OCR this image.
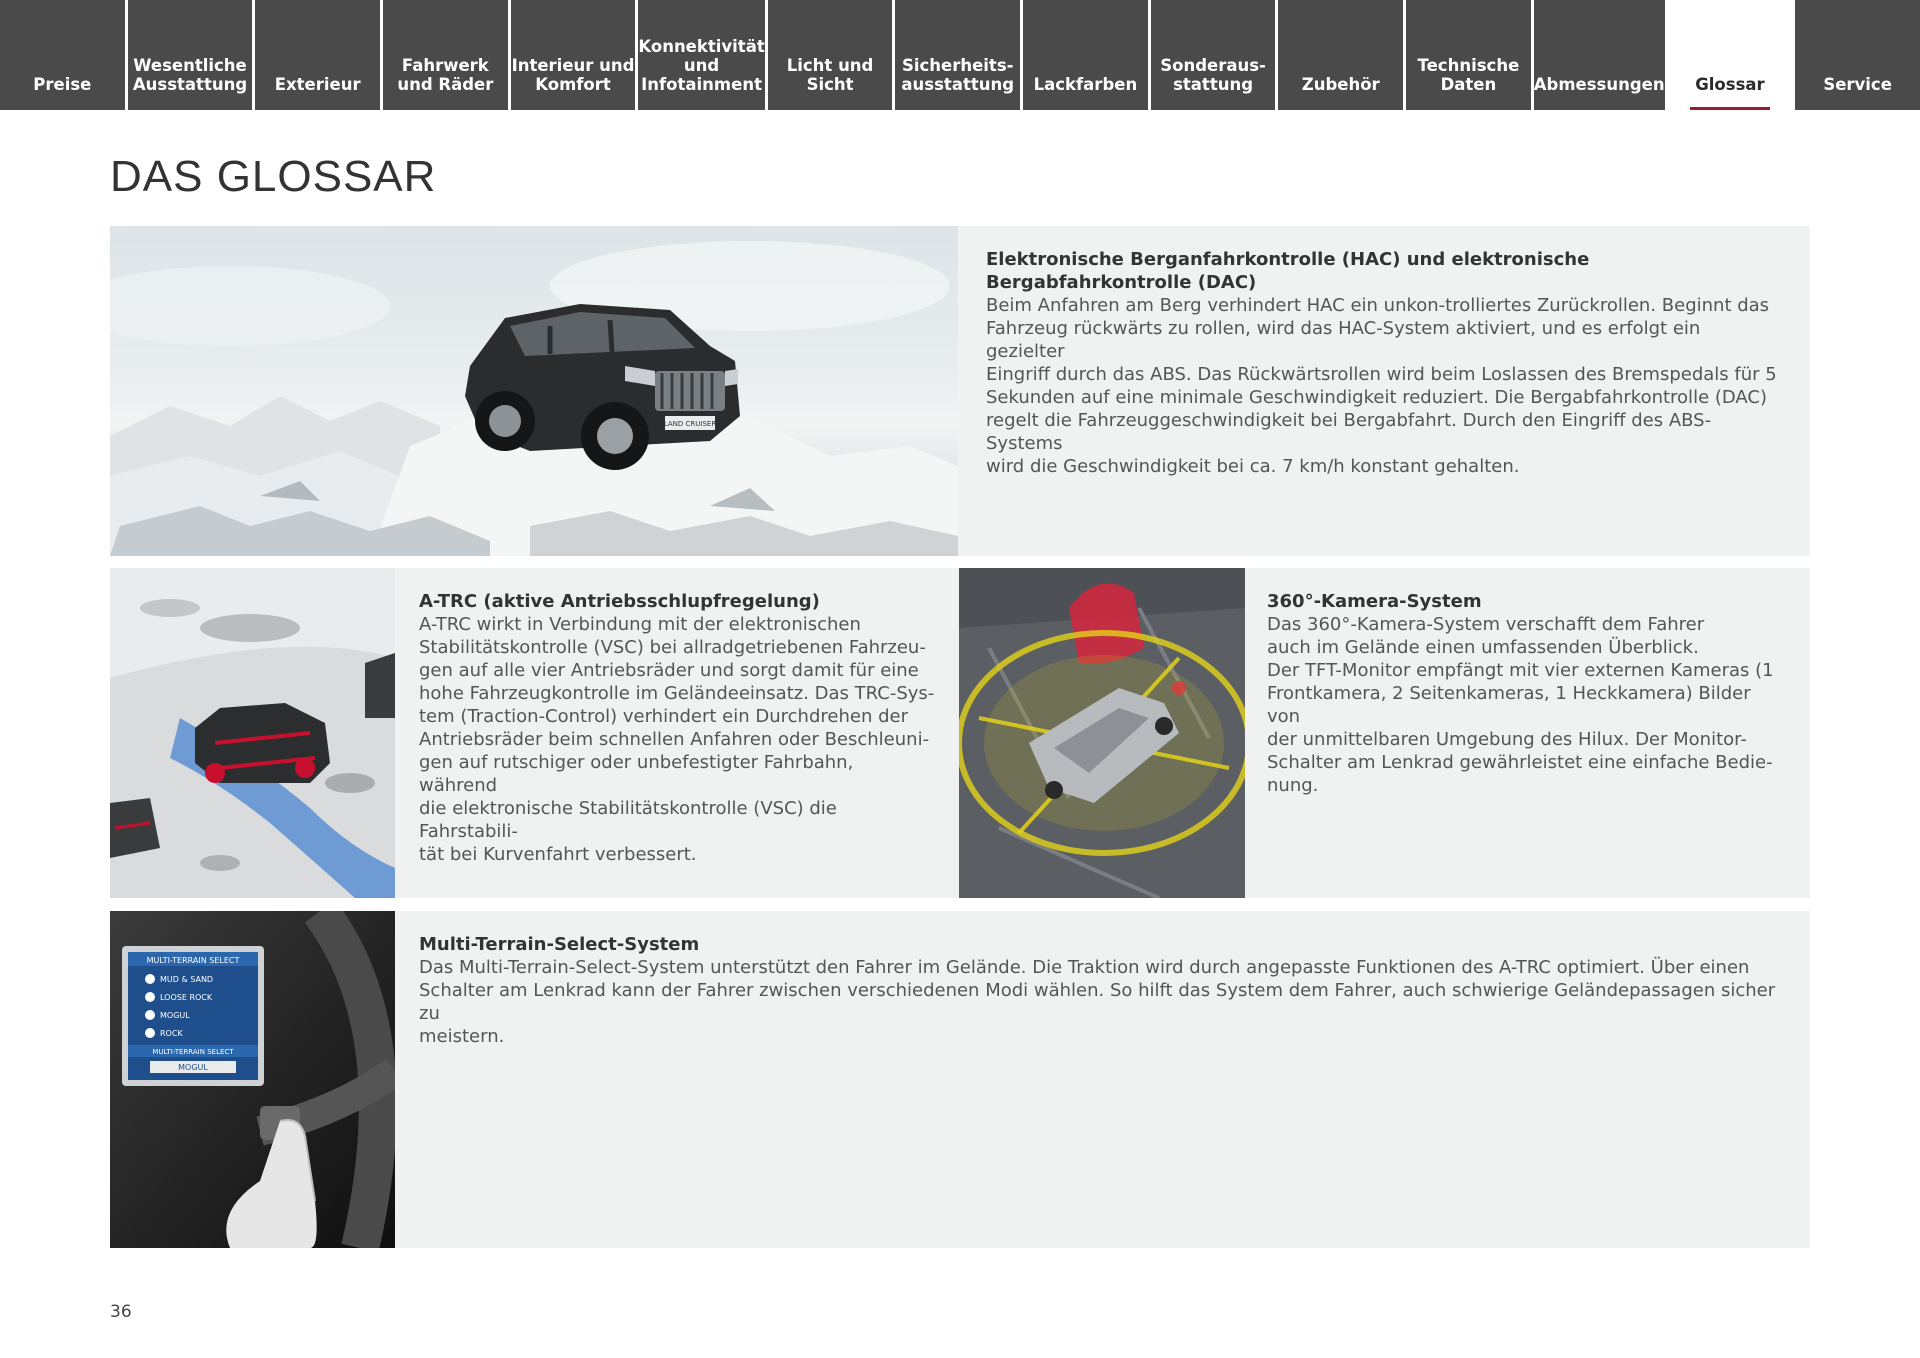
Preise
Wesentliche
Ausstattung	Exterieur
Fahrwerk
und Räder
Interieur und
Komfort
Konnektivität
und
Infotainment
Licht und Sicht
Sicherheits-
ausstattung	Lackfarben
Sonderaus-
stattung	Zubehör
Technische
Daten	Abmessungen	Glossar	Service
DAS GLOSSAR
LAND CRUISER
Elektronische Berganfahrkontrolle (HAC) und elektronische Bergabfahrkontrolle (DAC)

Beim Anfahren am Berg verhindert HAC ein unkon-trolliertes Zurückrollen. Beginnt das
Fahrzeug rückwärts zu rollen, wird das HAC-System aktiviert, und es erfolgt ein gezielter
Eingriff durch das ABS. Das Rückwärtsrollen wird beim Loslassen des Bremspedals für 5
Sekunden auf eine minimale Geschwindigkeit reduziert. Die Bergabfahrkontrolle (DAC)
regelt die Fahrzeuggeschwindigkeit bei Bergabfahrt. Durch den Eingriff des ABS-Systems
wird die Geschwindigkeit bei ca. 7 km/h konstant gehalten.

A-TRC (aktive Antriebsschlupfregelung)

A-TRC wirkt in Verbindung mit der elektronischen
Stabilitätskontrolle (VSC) bei allradgetriebenen Fahrzeu-
gen auf alle vier Antriebsräder und sorgt damit für eine
hohe Fahrzeugkontrolle im Geländeeinsatz. Das TRC-Sys-
tem (Traction-Control) verhindert ein Durchdrehen der
Antriebsräder beim schnellen Anfahren oder Beschleuni-
gen auf rutschiger oder unbefestigter Fahrbahn, während
die elektronische Stabilitätskontrolle (VSC) die Fahrstabili-
tät bei Kurvenfahrt verbessert.

360°-Kamera-System

Das 360°-Kamera-System verschafft dem Fahrer
auch im Gelände einen umfassenden Überblick.
Der TFT-Monitor empfängt mit vier externen Kameras (1
Frontkamera, 2 Seitenkameras, 1 Heckkamera) Bilder von
der unmittelbaren Umgebung des Hilux. Der Monitor-
Schalter am Lenkrad gewährleistet eine einfache Bedie-
nung.

MULTI-TERRAIN SELECT
MUD & SAND
LOOSE ROCK
MOGUL
ROCK
MULTI-TERRAIN SELECT
MOGUL
Multi-Terrain-Select-System

Das Multi-Terrain-Select-System unterstützt den Fahrer im Gelände. Die Traktion wird durch angepasste Funktionen des A-TRC optimiert. Über einen
Schalter am Lenkrad kann der Fahrer zwischen verschiedenen Modi wählen. So hilft das System dem Fahrer, auch schwierige Geländepassagen sicher zu
meistern.

36
